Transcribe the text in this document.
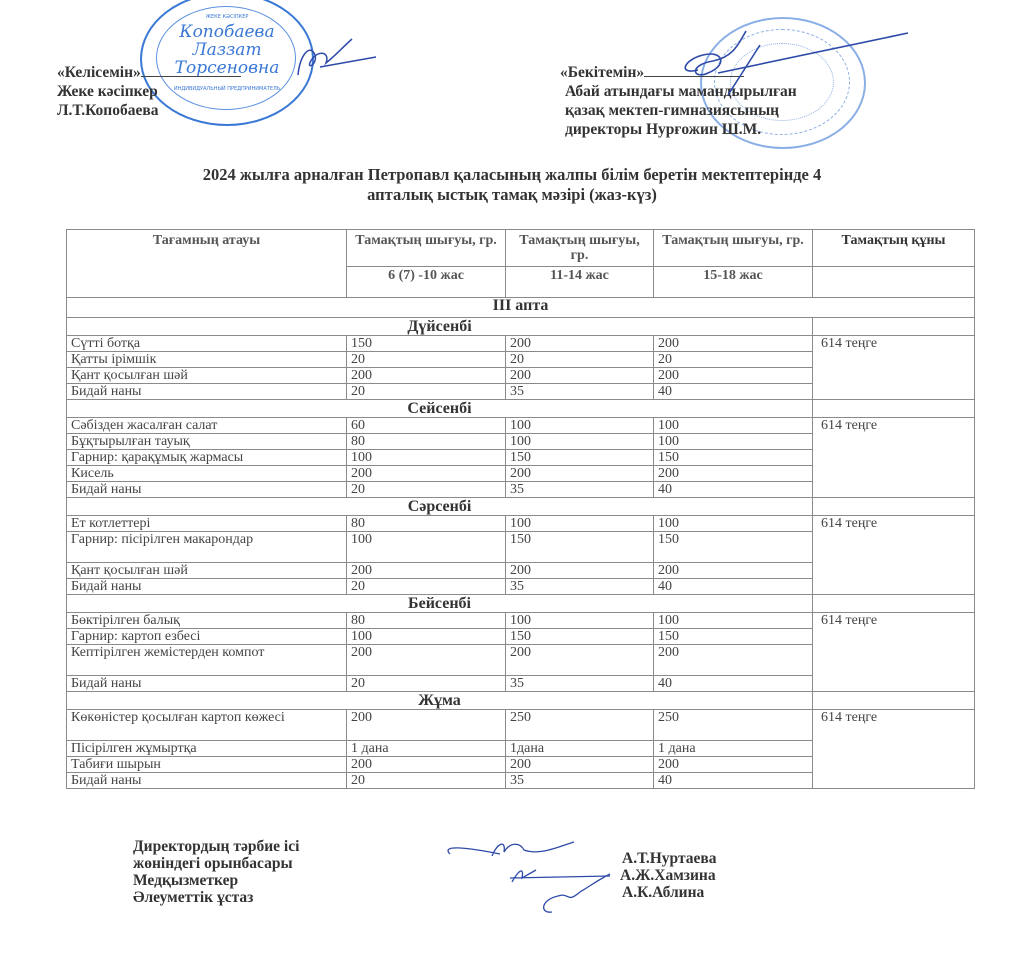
ЖЕКЕ КӘСІПКЕР
Копобаева
Лаззат
Торсеновна
ИНДИВИДУАЛЬНЫЙ ПРЕДПРИНИМАТЕЛЬ
«Келісемін»
Жеке кәсіпкер
Л.Т.Копобаева
«Бекітемін»
Абай атындағы мамандырылған
қазақ мектеп-гимназиясының
директоры Нурғожин Ш.М.
2024 жылға арналған Петропавл қаласының жалпы білім беретін мектептерінде 4
апталық ыстық тамақ мәзірі (жаз-күз)
Тағамның атауы	Тамақтың шығуы, гр.	Тамақтың шығуы, гр.	Тамақтың шығуы, гр.	Тамақтың құны
	6 (7) -10 жас	11-14 жас	15-18 жас	
ІІІ апта				
Дүйсенбі				
Сүтті ботқа	150	200	200	614 теңге
Қатты ірімшік	20	20	20	
Қант қосылған шәй	200	200	200	
Бидай наны	20	35	40	
Сейсенбі				
Сәбізден жасалған салат	60	100	100	614 теңге
Бұқтырылған тауық	80	100	100	
Гарнир: қарақұмық жармасы	100	150	150	
Кисель	200	200	200	
Бидай наны	20	35	40	
Сәрсенбі				
Ет котлеттері	80	100	100	614 теңге
Гарнир: пісірілген макарондар	100	150	150	
Қант қосылған шәй	200	200	200	
Бидай наны	20	35	40	
Бейсенбі				
Бөктірілген балық	80	100	100	614 теңге
Гарнир: картоп езбесі	100	150	150	
Кептірілген жемістерден компот	200	200	200	
Бидай наны	20	35	40	
Жұма				
Көкөністер қосылған картоп көжесі	200	250	250	614 теңге
Пісірілген жұмыртқа	1 дана	1дана	1 дана	
Табиғи шырын	200	200	200	
Бидай наны	20	35	40	
Директордың тәрбие ісі
жөніндегі орынбасары
Медқызметкер
Әлеуметтік ұстаз
А.Т.Нуртаева
А.Ж.Хамзина
А.К.Аблина
